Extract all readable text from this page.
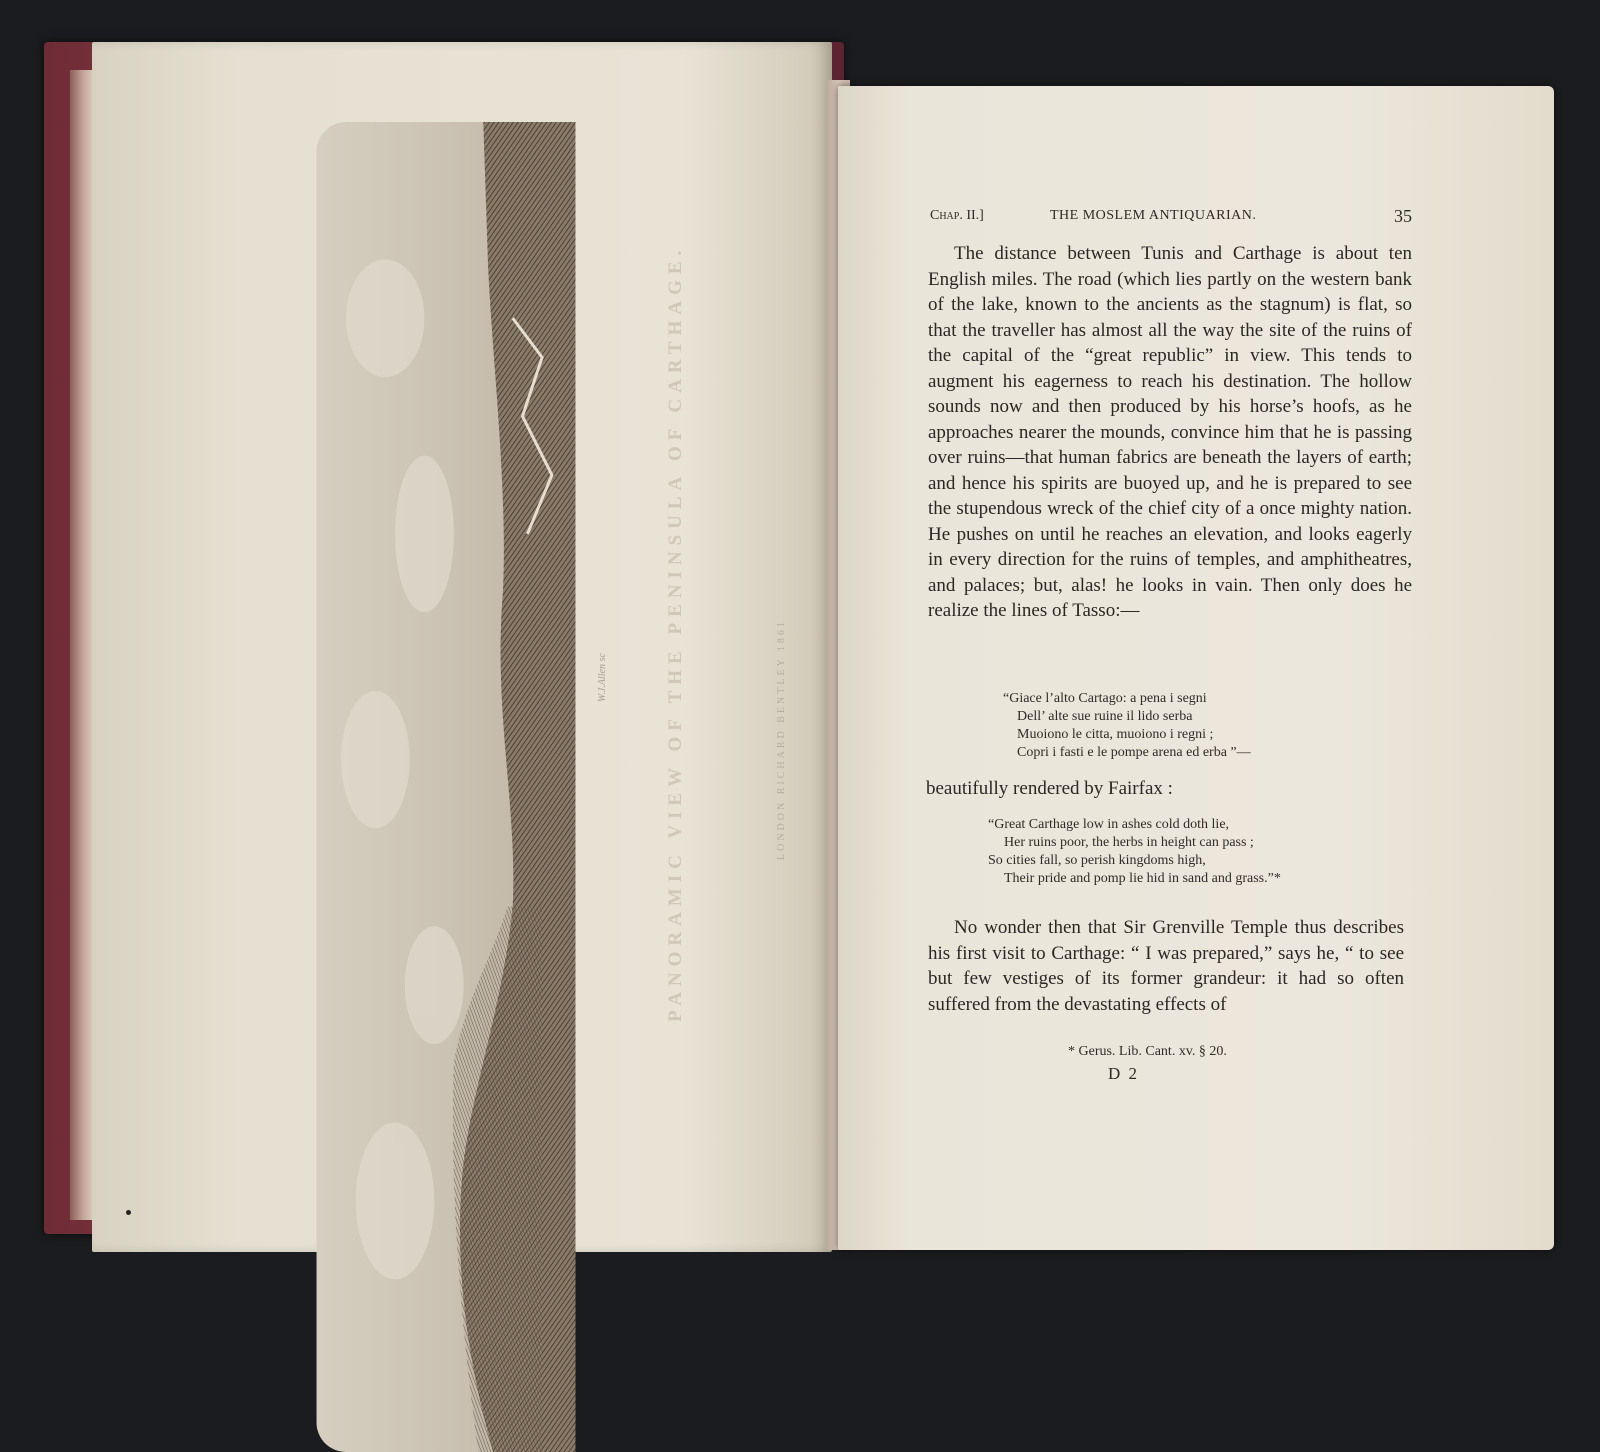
PANORAMIC VIEW OF THE PENINSULA OF CARTHAGE.	LONDON RICHARD BENTLEY 1861
W.J.Allen sc
Chap. II.]	THE MOSLEM ANTIQUARIAN.	35
The distance between Tunis and Carthage is about ten English miles. The road (which lies partly on the western bank of the lake, known to the ancients as the stagnum) is flat, so that the traveller has almost all the way the site of the ruins of the capital of the “great republic” in view. This tends to augment his eagerness to reach his destination. The hollow sounds now and then produced by his horse’s hoofs, as he approaches nearer the mounds, convince him that he is passing over ruins—that human fabrics are beneath the layers of earth; and hence his spirits are buoyed up, and he is prepared to see the stupendous wreck of the chief city of a once mighty nation. He pushes on until he reaches an elevation, and looks eagerly in every direction for the ruins of temples, and amphitheatres, and palaces; but, alas! he looks in vain. Then only does he realize the lines of Tasso:—
“Giace l’alto Cartago: a pena i segni
Dell’ alte sue ruine il lido serba
Muoiono le citta, muoiono i regni ;
Copri i fasti e le pompe arena ed erba ”—
beautifully rendered by Fairfax :
“Great Carthage low in ashes cold doth lie,
Her ruins poor, the herbs in height can pass ;
So cities fall, so perish kingdoms high,
Their pride and pomp lie hid in sand and grass.”*
No wonder then that Sir Grenville Temple thus describes his first visit to Carthage: “ I was prepared,” says he, “ to see but few vestiges of its former grandeur: it had so often suffered from the devastating effects of
* Gerus. Lib. Cant. xv. § 20.
D 2
